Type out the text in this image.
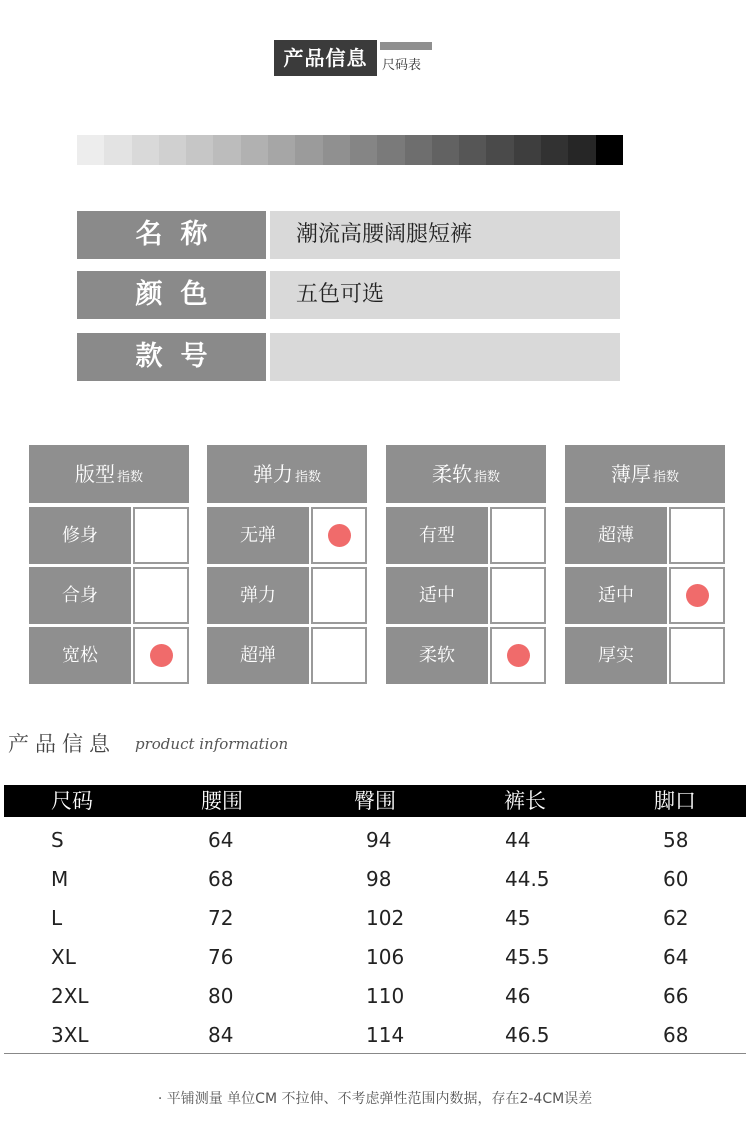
产品信息	尺码表
名称	潮流高腰阔腿短裤
颜色	五色可选
款号
版型 指数
修身
合身
宽松
弹力 指数
无弹
弹力
超弹
柔软 指数
有型
适中
柔软
薄厚 指数
超薄
适中
厚实
产品信息 product information
尺码	腰围	臀围	裤长	脚口
S	64	94	44	58
M	68	98	44.5	60
L	72	102	45	62
XL	76	106	45.5	64
2XL	80	110	46	66
3XL	84	114	46.5	68
· 平铺测量 单位CM 不拉伸、不考虑弹性范围内数据，存在2-4CM误差
